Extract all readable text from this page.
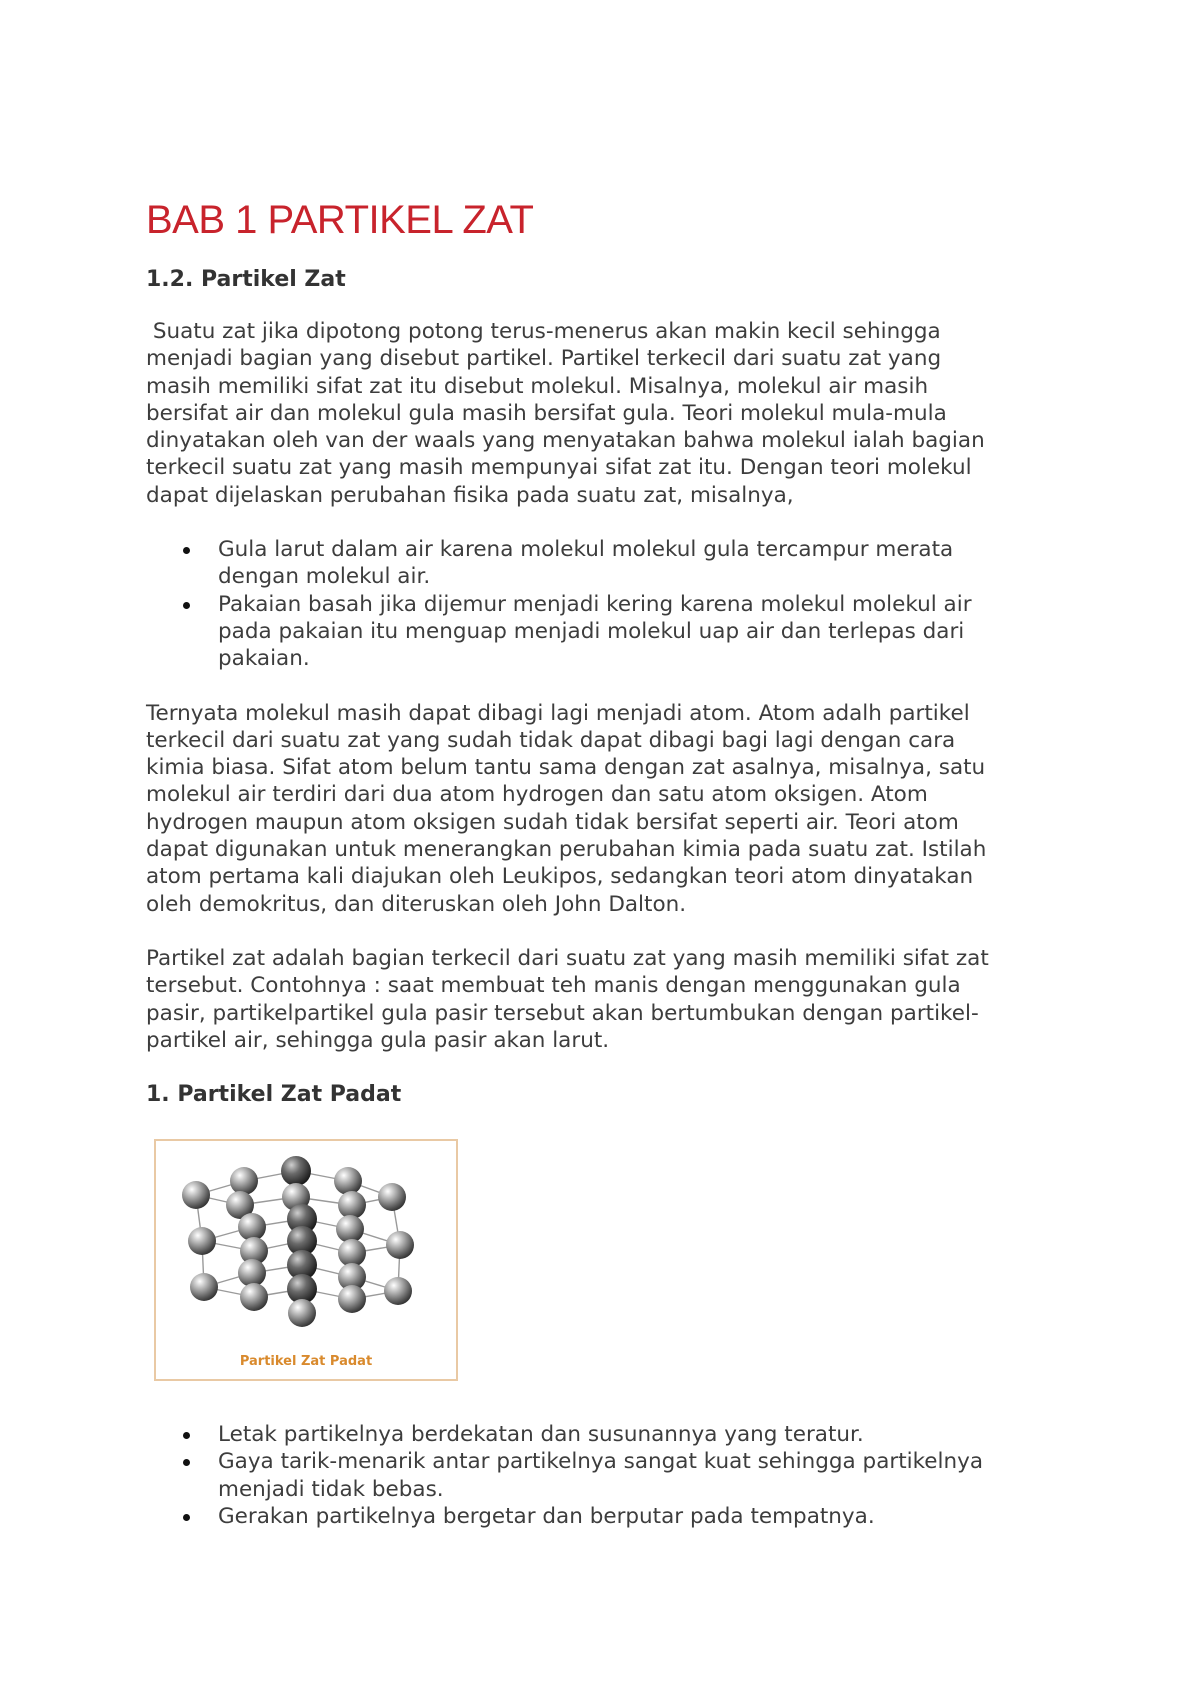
BAB 1 PARTIKEL ZAT
1.2. Partikel Zat
Suatu zat jika dipotong potong terus-menerus akan makin kecil sehingga
menjadi bagian yang disebut partikel. Partikel terkecil dari suatu zat yang
masih memiliki sifat zat itu disebut molekul. Misalnya, molekul air masih
bersifat air dan molekul gula masih bersifat gula. Teori molekul mula-mula
dinyatakan oleh van der waals yang menyatakan bahwa molekul ialah bagian
terkecil suatu zat yang masih mempunyai sifat zat itu. Dengan teori molekul
dapat dijelaskan perubahan fisika pada suatu zat, misalnya,
Gula larut dalam air karena molekul molekul gula tercampur merata
dengan molekul air.
Pakaian basah jika dijemur menjadi kering karena molekul molekul air
pada pakaian itu menguap menjadi molekul uap air dan terlepas dari
pakaian.
Ternyata molekul masih dapat dibagi lagi menjadi atom. Atom adalh partikel
terkecil dari suatu zat yang sudah tidak dapat dibagi bagi lagi dengan cara
kimia biasa. Sifat atom belum tantu sama dengan zat asalnya, misalnya, satu
molekul air terdiri dari dua atom hydrogen dan satu atom oksigen. Atom
hydrogen maupun atom oksigen sudah tidak bersifat seperti air. Teori atom
dapat digunakan untuk menerangkan perubahan kimia pada suatu zat. Istilah
atom pertama kali diajukan oleh Leukipos, sedangkan teori atom dinyatakan
oleh demokritus, dan diteruskan oleh John Dalton.
Partikel zat adalah bagian terkecil dari suatu zat yang masih memiliki sifat zat
tersebut. Contohnya : saat membuat teh manis dengan menggunakan gula
pasir, partikelpartikel gula pasir tersebut akan bertumbukan dengan partikel-
partikel air, sehingga gula pasir akan larut.
1. Partikel Zat Padat
Partikel Zat Padat
Letak partikelnya berdekatan dan susunannya yang teratur.
Gaya tarik-menarik antar partikelnya sangat kuat sehingga partikelnya
menjadi tidak bebas.
Gerakan partikelnya bergetar dan berputar pada tempatnya.
